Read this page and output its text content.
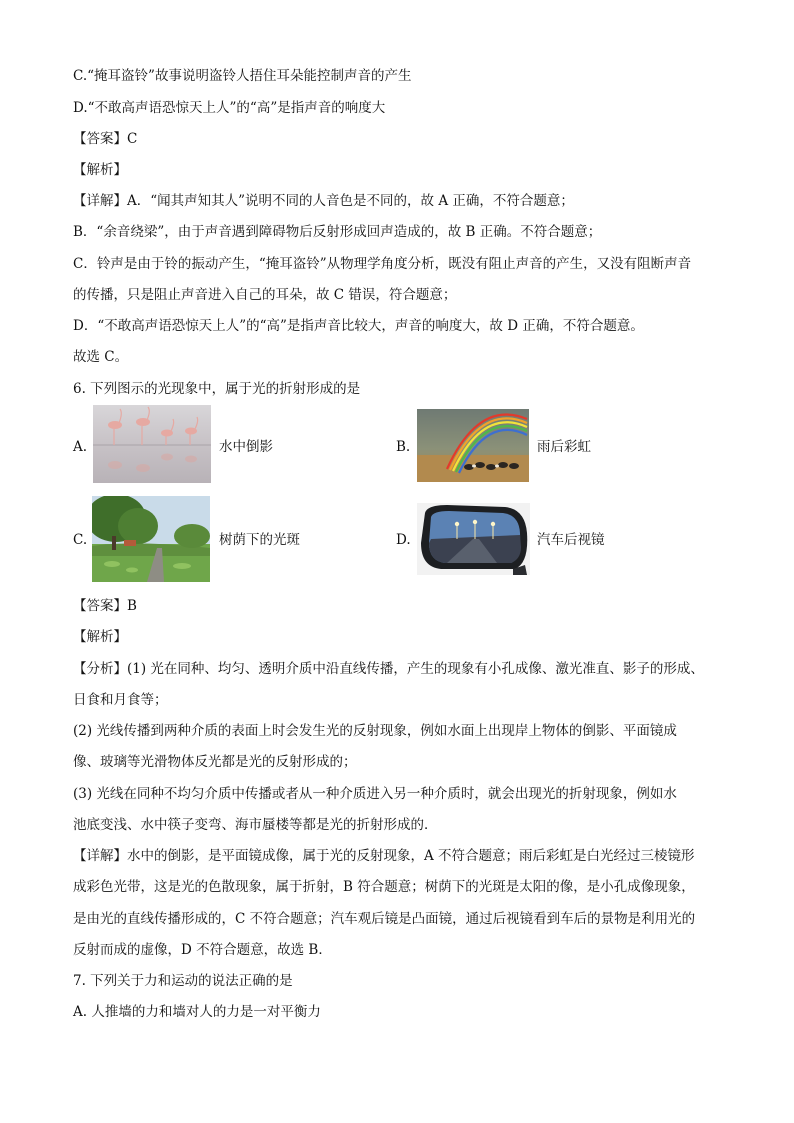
C.“掩耳盗铃”故事说明盗铃人捂住耳朵能控制声音的产生
D.“不敢高声语恐惊天上人”的“高”是指声音的响度大
【答案】C
【解析】
【详解】A．“闻其声知其人”说明不同的人音色是不同的，故 A 正确，不符合题意；
B．“余音绕梁”，由于声音遇到障碍物后反射形成回声造成的，故 B 正确。不符合题意；
C．铃声是由于铃的振动产生，“掩耳盗铃”从物理学角度分析，既没有阻止声音的产生，又没有阻断声音
的传播，只是阻止声音进入自己的耳朵，故 C 错误，符合题意；
D．“不敢高声语恐惊天上人”的“高”是指声音比较大，声音的响度大，故 D 正确，不符合题意。
故选 C。
6. 下列图示的光现象中，属于光的折射形成的是
A.	水中倒影	B.	雨后彩虹
C.	树荫下的光斑	D.	汽车后视镜
【答案】B
【解析】
【分析】(1) 光在同种、均匀、透明介质中沿直线传播，产生的现象有小孔成像、激光准直、影子的形成、
日食和月食等；
(2) 光线传播到两种介质的表面上时会发生光的反射现象，例如水面上出现岸上物体的倒影、平面镜成
像、玻璃等光滑物体反光都是光的反射形成的；
(3) 光线在同种不均匀介质中传播或者从一种介质进入另一种介质时，就会出现光的折射现象，例如水
池底变浅、水中筷子变弯、海市蜃楼等都是光的折射形成的．
【详解】水中的倒影，是平面镜成像，属于光的反射现象，A 不符合题意；雨后彩虹是白光经过三棱镜形
成彩色光带，这是光的色散现象，属于折射，B 符合题意；树荫下的光斑是太阳的像，是小孔成像现象，
是由光的直线传播形成的，C 不符合题意；汽车观后镜是凸面镜，通过后视镜看到车后的景物是利用光的
反射而成的虚像，D 不符合题意，故选 B．
7. 下列关于力和运动的说法正确的是
A. 人推墙的力和墙对人的力是一对平衡力
